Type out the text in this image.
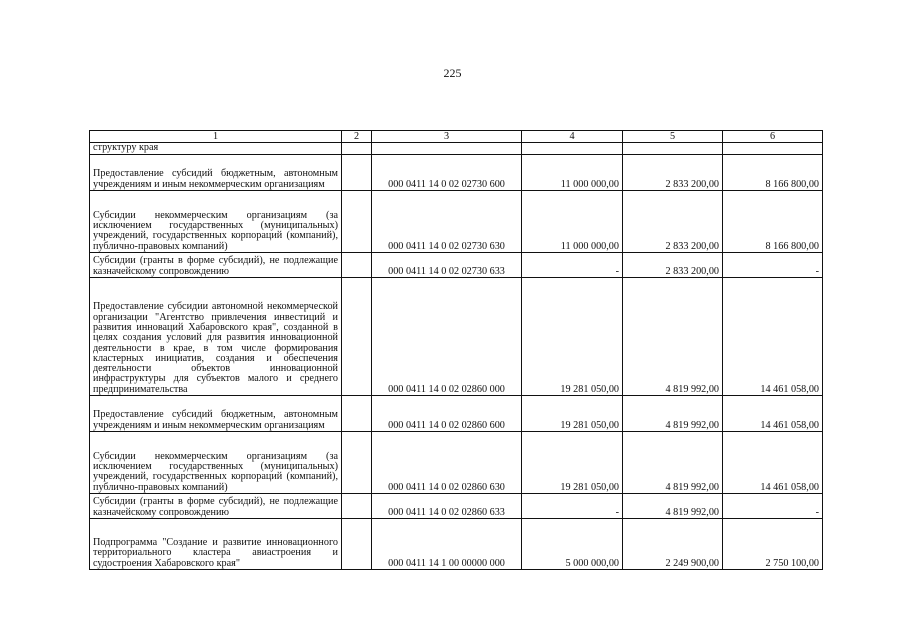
225
1	2	3	4	5	6
структуру края					
Предоставление субсидий бюджетным, автономным учреждениям и иным некоммерческим организациям		000 0411 14 0 02 02730 600	11 000 000,00	2 833 200,00	8 166 800,00
Субсидии некоммерческим организациям (за исключением государственных (муниципальных) учреждений, государственных корпораций (компаний), публично-правовых компаний)		000 0411 14 0 02 02730 630	11 000 000,00	2 833 200,00	8 166 800,00
Субсидии (гранты в форме субсидий), не подлежащие казначейскому сопровождению		000 0411 14 0 02 02730 633	-	2 833 200,00	-
Предоставление субсидии автономной некоммерческой организации "Агентство привлечения инвестиций и развития инноваций Хабаровского края", созданной в целях создания условий для развития инновационной деятельности в крае, в том числе формирования кластерных инициатив, создания и обеспечения деятельности объектов инновационной инфраструктуры для субъектов малого и среднего предпринимательства		000 0411 14 0 02 02860 000	19 281 050,00	4 819 992,00	14 461 058,00
Предоставление субсидий бюджетным, автономным учреждениям и иным некоммерческим организациям		000 0411 14 0 02 02860 600	19 281 050,00	4 819 992,00	14 461 058,00
Субсидии некоммерческим организациям (за исключением государственных (муниципальных) учреждений, государственных корпораций (компаний), публично-правовых компаний)		000 0411 14 0 02 02860 630	19 281 050,00	4 819 992,00	14 461 058,00
Субсидии (гранты в форме субсидий), не подлежащие казначейскому сопровождению		000 0411 14 0 02 02860 633	-	4 819 992,00	-
Подпрограмма "Создание и развитие инновационного территориального кластера авиастроения и судостроения Хабаровского края"		000 0411 14 1 00 00000 000	5 000 000,00	2 249 900,00	2 750 100,00
